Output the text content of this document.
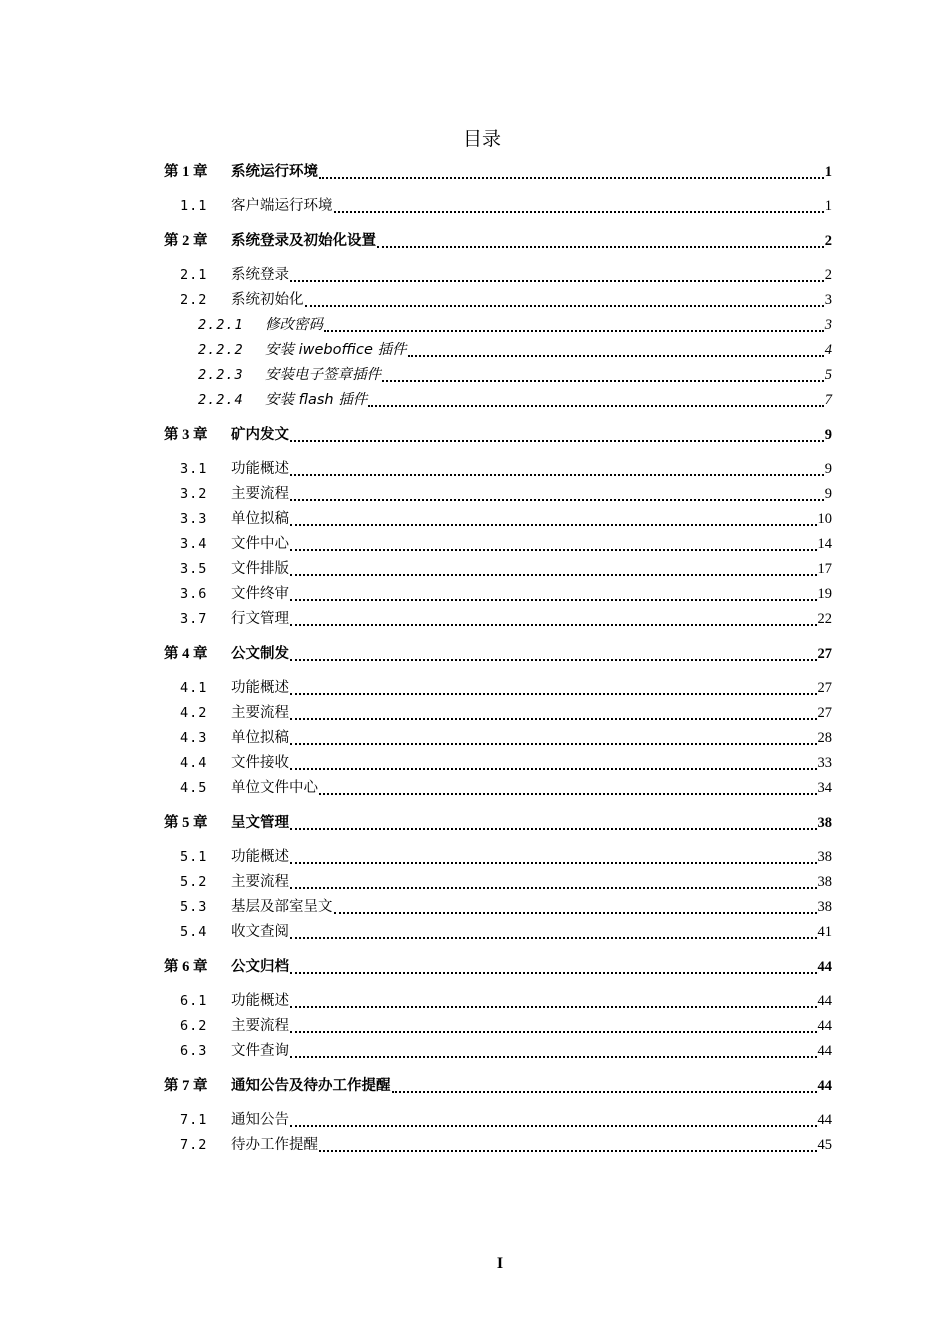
目录
第 1 章	系统运行环境	1
1.1	客户端运行环境	1
第 2 章	系统登录及初始化设置	2
2.1	系统登录	2
2.2	系统初始化	3
2.2.1	修改密码	3
2.2.2	安装 iweboffice 插件	4
2.2.3	安装电子签章插件	5
2.2.4	安装 flash 插件	7
第 3 章	矿内发文	9
3.1	功能概述	9
3.2	主要流程	9
3.3	单位拟稿	10
3.4	文件中心	14
3.5	文件排版	17
3.6	文件终审	19
3.7	行文管理	22
第 4 章	公文制发	27
4.1	功能概述	27
4.2	主要流程	27
4.3	单位拟稿	28
4.4	文件接收	33
4.5	单位文件中心	34
第 5 章	呈文管理	38
5.1	功能概述	38
5.2	主要流程	38
5.3	基层及部室呈文	38
5.4	收文查阅	41
第 6 章	公文归档	44
6.1	功能概述	44
6.2	主要流程	44
6.3	文件查询	44
第 7 章	通知公告及待办工作提醒	44
7.1	通知公告	44
7.2	待办工作提醒	45
I
